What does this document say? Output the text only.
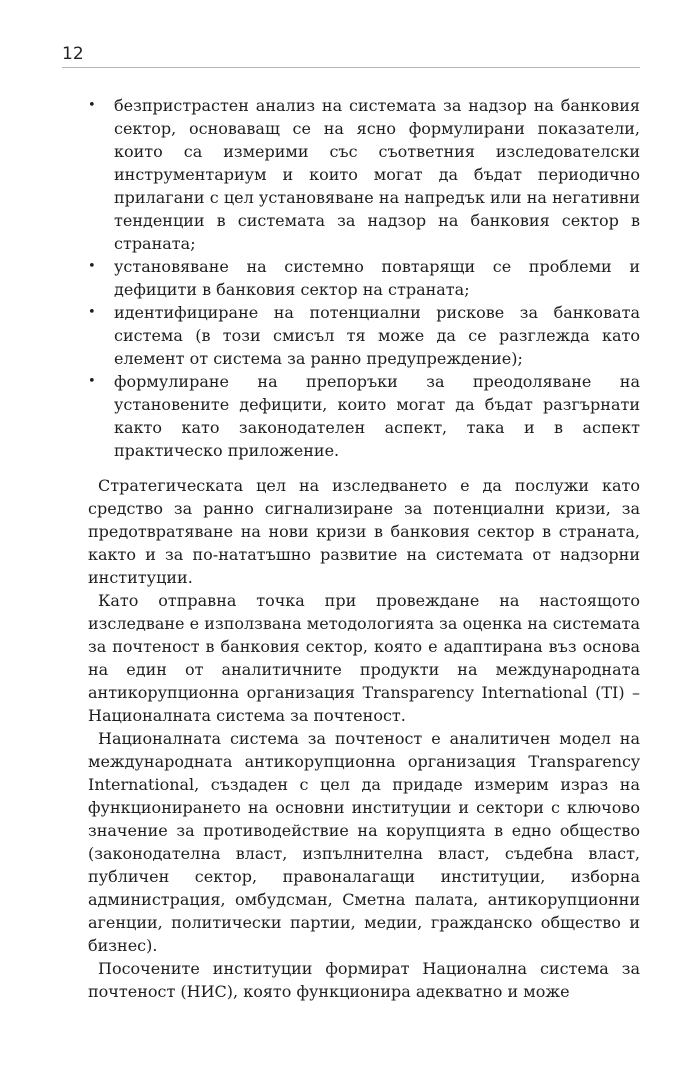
12
• безпристрастен анализ на системата за надзор на банковия сектор, основаващ се на ясно формулирани показатели, които са измерими със съответния изследователски инструментариум и които могат да бъдат периодично прилагани с цел установяване на напредък или на негативни тенденции в системата за надзор на банковия сектор в страната;
• установяване на системно повтарящи се проблеми и дефицити в банковия сектор на страната;
• идентифициране на потенциални рискове за банковата система (в този смисъл тя може да се разглежда като елемент от система за ранно предупреждение);
• формулиране на препоръки за преодоляване на установените дефицити, които могат да бъдат разгърнати както като законодателен аспект, така и в аспект практическо приложение.

Стратегическата цел на изследването е да послужи като средство за ранно сигнализиране за потенциални кризи, за предотвратяване на нови кризи в банковия сектор в страната, както и за по-нататъшно развитие на системата от надзорни институции.

Като отправна точка при провеждане на настоящото изследване е използвана методологията за оценка на системата за почтеност в банковия сектор, която е адаптирана въз основа на един от аналитичните продукти на международната антикорупционна организация Transparency International (TI) – Националната система за почтеност.

Националната система за почтеност е аналитичен модел на международната антикорупционна организация Transparency International, създаден с цел да придаде измерим израз на функционирането на основни институции и сектори с ключово значение за противодействие на корупцията в едно общество (законодателна власт, изпълнителна власт, съдебна власт, публичен сектор, правоналагащи институции, изборна администрация, омбудсман, Сметна палата, антикорупционни агенции, политически партии, медии, гражданско общество и бизнес).

Посочените институции формират Национална система за почтеност (НИС), която функционира адекватно и може
